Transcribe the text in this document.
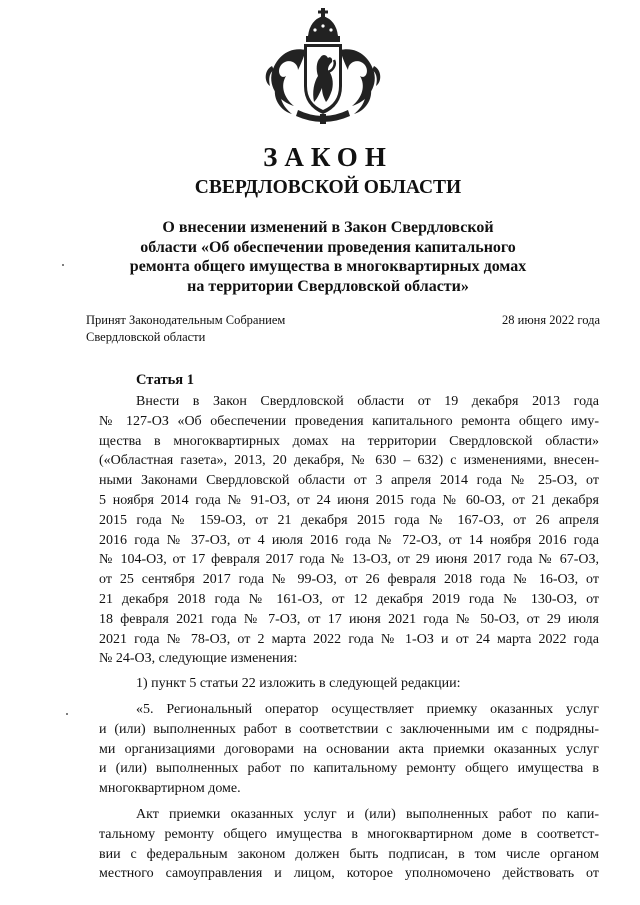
ЗАКОН
СВЕРДЛОВСКОЙ ОБЛАСТИ
О внесении изменений в Закон Свердловской
области «Об обеспечении проведения капитального
ремонта общего имущества в многоквартирных домах
на территории Свердловской области»
Принят Законодательным Собранием
Свердловской области
28 июня 2022 года
Статья 1
Внести в Закон Свердловской области от 19 декабря 2013 года
№ 127-ОЗ «Об обеспечении проведения капитального ремонта общего иму-
щества в многоквартирных домах на территории Свердловской области»
(«Областная газета», 2013, 20 декабря, № 630 – 632) с изменениями, внесен-
ными Законами Свердловской области от 3 апреля 2014 года № 25-ОЗ, от
5 ноября 2014 года № 91-ОЗ, от 24 июня 2015 года № 60-ОЗ, от 21 декабря
2015 года № 159-ОЗ, от 21 декабря 2015 года № 167-ОЗ, от 26 апреля
2016 года № 37-ОЗ, от 4 июля 2016 года № 72-ОЗ, от 14 ноября 2016 года
№ 104-ОЗ, от 17 февраля 2017 года № 13-ОЗ, от 29 июня 2017 года № 67-ОЗ,
от 25 сентября 2017 года № 99-ОЗ, от 26 февраля 2018 года № 16-ОЗ, от
21 декабря 2018 года № 161-ОЗ, от 12 декабря 2019 года № 130-ОЗ, от
18 февраля 2021 года № 7-ОЗ, от 17 июня 2021 года № 50-ОЗ, от 29 июля
2021 года № 78-ОЗ, от 2 марта 2022 года № 1-ОЗ и от 24 марта 2022 года
№ 24-ОЗ, следующие изменения:
1) пункт 5 статьи 22 изложить в следующей редакции:
«5. Региональный оператор осуществляет приемку оказанных услуг
и (или) выполненных работ в соответствии с заключенными им с подрядны-
ми организациями договорами на основании акта приемки оказанных услуг
и (или) выполненных работ по капитальному ремонту общего имущества в
многоквартирном доме.
Акт приемки оказанных услуг и (или) выполненных работ по капи-
тальному ремонту общего имущества в многоквартирном доме в соответст-
вии с федеральным законом должен быть подписан, в том числе органом
местного самоуправления и лицом, которое уполномочено действовать от
